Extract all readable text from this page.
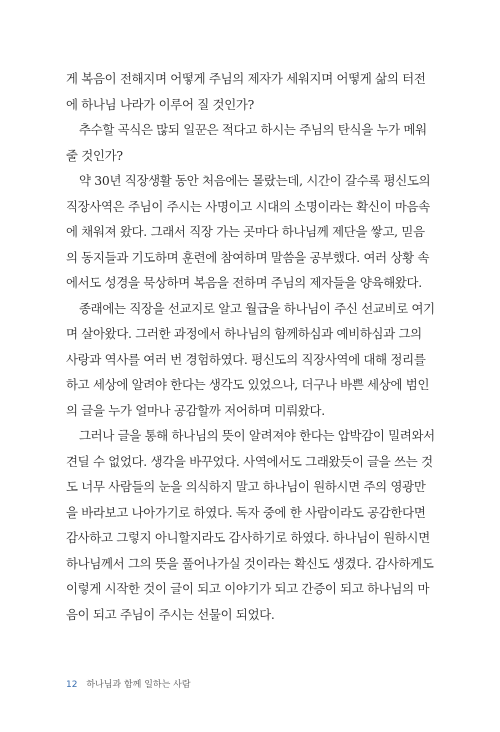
게 복음이 전해지며 어떻게 주님의 제자가 세워지며 어떻게 삶의 터전
에 하나님 나라가 이루어 질 것인가?
추수할 곡식은 많되 일꾼은 적다고 하시는 주님의 탄식을 누가 메워
줄 것인가?
약 30년 직장생활 동안 처음에는 몰랐는데, 시간이 갈수록 평신도의
직장사역은 주님이 주시는 사명이고 시대의 소명이라는 확신이 마음속
에 채워져 왔다. 그래서 직장 가는 곳마다 하나님께 제단을 쌓고, 믿음
의 동지들과 기도하며 훈련에 참여하며 말씀을 공부했다. 여러 상황 속
에서도 성경을 묵상하며 복음을 전하며 주님의 제자들을 양육해왔다.
종래에는 직장을 선교지로 알고 월급을 하나님이 주신 선교비로 여기
며 살아왔다. 그러한 과정에서 하나님의 함께하심과 예비하심과 그의
사랑과 역사를 여러 번 경험하였다. 평신도의 직장사역에 대해 정리를
하고 세상에 알려야 한다는 생각도 있었으나, 더구나 바쁜 세상에 범인
의 글을 누가 얼마나 공감할까 저어하며 미뤄왔다.
그러나 글을 통해 하나님의 뜻이 알려져야 한다는 압박감이 밀려와서
견딜 수 없었다. 생각을 바꾸었다. 사역에서도 그래왔듯이 글을 쓰는 것
도 너무 사람들의 눈을 의식하지 말고 하나님이 원하시면 주의 영광만
을 바라보고 나아가기로 하였다. 독자 중에 한 사람이라도 공감한다면
감사하고 그렇지 아니할지라도 감사하기로 하였다. 하나님이 원하시면
하나님께서 그의 뜻을 풀어나가실 것이라는 확신도 생겼다. 감사하게도
이렇게 시작한 것이 글이 되고 이야기가 되고 간증이 되고 하나님의 마
음이 되고 주님이 주시는 선물이 되었다.
12 하나님과 함께 일하는 사람
